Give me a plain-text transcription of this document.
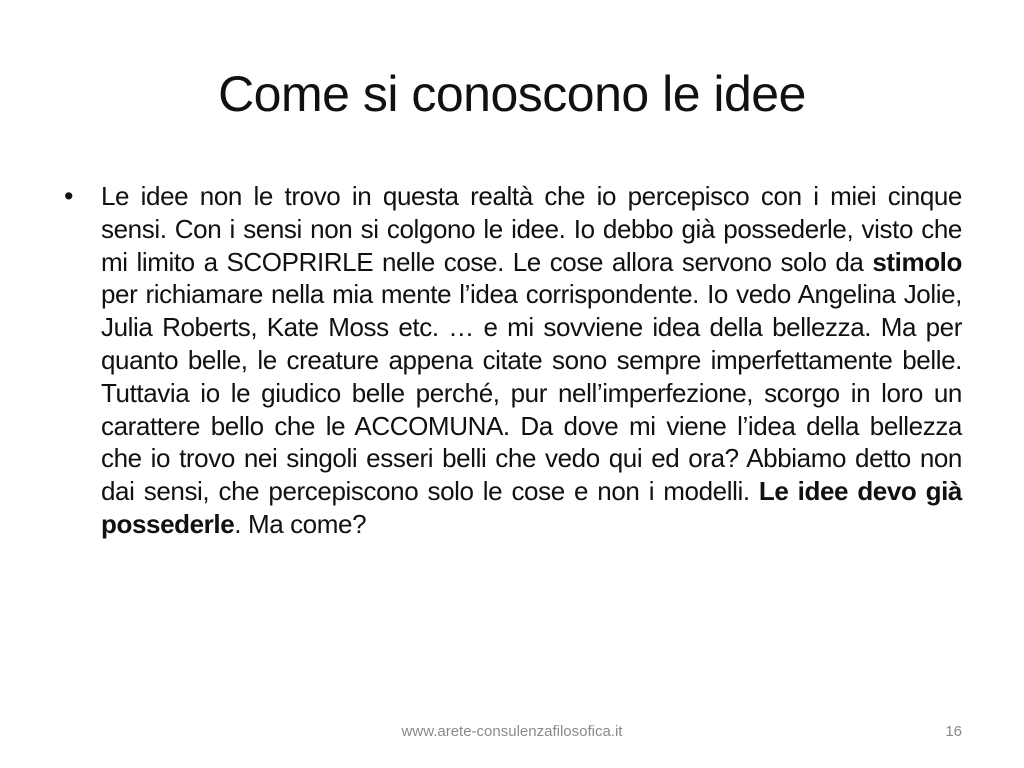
Come si conoscono le idee
•	Le idee non le trovo in questa realtà che io percepisco con i miei cinque sensi. Con i sensi non si colgono le idee. Io debbo già possederle, visto che mi limito a SCOPRIRLE nelle cose. Le cose allora servono solo da stimolo per richiamare nella mia mente l’idea corrispondente. Io vedo Angelina Jolie, Julia Roberts, Kate Moss etc. … e mi sovviene idea della bellezza. Ma per quanto belle, le creature appena citate sono sempre imperfettamente belle. Tuttavia io le giudico belle perché, pur nell’imperfezione, scorgo in loro un carattere bello che le ACCOMUNA. Da dove mi viene l’idea della bellezza che io trovo nei singoli esseri belli che vedo qui ed ora? Abbiamo detto non dai sensi, che percepiscono solo le cose e non i modelli. Le idee devo già possederle. Ma come?
www.arete-consulenzafilosofica.it	16
